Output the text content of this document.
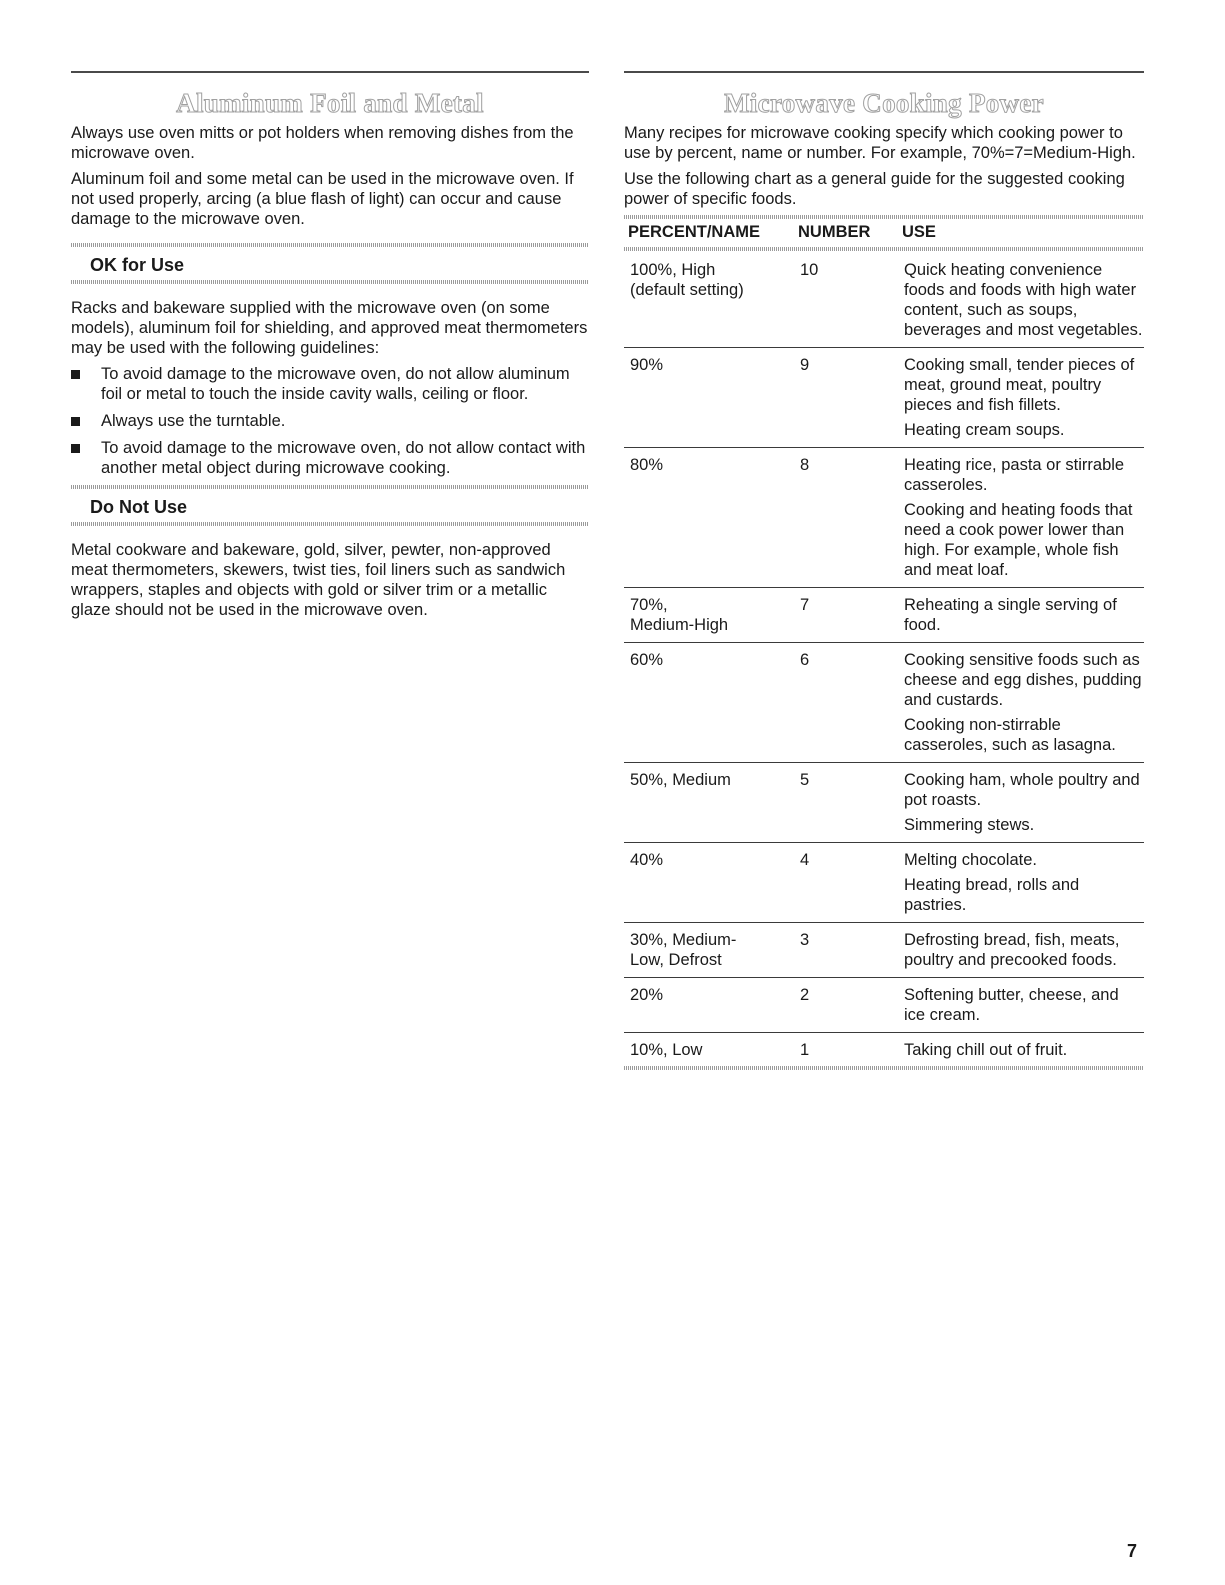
Aluminum Foil and Metal

Always use oven mitts or pot holders when removing dishes from the microwave oven.

Aluminum foil and some metal can be used in the microwave oven. If not used properly, arcing (a blue flash of light) can occur and cause damage to the microwave oven.

OK for Use

Racks and bakeware supplied with the microwave oven (on some models), aluminum foil for shielding, and approved meat thermometers may be used with the following guidelines:

To avoid damage to the microwave oven, do not allow aluminum foil or metal to touch the inside cavity walls, ceiling or floor.
Always use the turntable.
To avoid damage to the microwave oven, do not allow contact with another metal object during microwave cooking.
Do Not Use

Metal cookware and bakeware, gold, silver, pewter, non-approved meat thermometers, skewers, twist ties, foil liners such as sandwich wrappers, staples and objects with gold or silver trim or a metallic glaze should not be used in the microwave oven.

Microwave Cooking Power

Many recipes for microwave cooking specify which cooking power to use by percent, name or number. For example, 70%=7=Medium-High.

Use the following chart as a general guide for the suggested cooking power of specific foods.

PERCENT/NAME	NUMBER	USE
100%, High
(default setting)
10	Quick heating convenience foods and foods with high water content, such as soups, beverages and most vegetables.

90%	9	Cooking small, tender pieces of meat, ground meat, poultry pieces and fish fillets.

Heating cream soups.

80%	8	Heating rice, pasta or stirrable casseroles.

Cooking and heating foods that need a cook power lower than high. For example, whole fish and meat loaf.

70%,
Medium-High
7	Reheating a single serving of food.

60%	6	Cooking sensitive foods such as cheese and egg dishes, pudding and custards.

Cooking non-stirrable casseroles, such as lasagna.

50%, Medium	5	Cooking ham, whole poultry and pot roasts.

Simmering stews.

40%	4	Melting chocolate.

Heating bread, rolls and pastries.

30%, Medium-
Low, Defrost
3	Defrosting bread, fish, meats, poultry and precooked foods.

20%	2	Softening butter, cheese, and ice cream.

10%, Low	1	Taking chill out of fruit.

7
